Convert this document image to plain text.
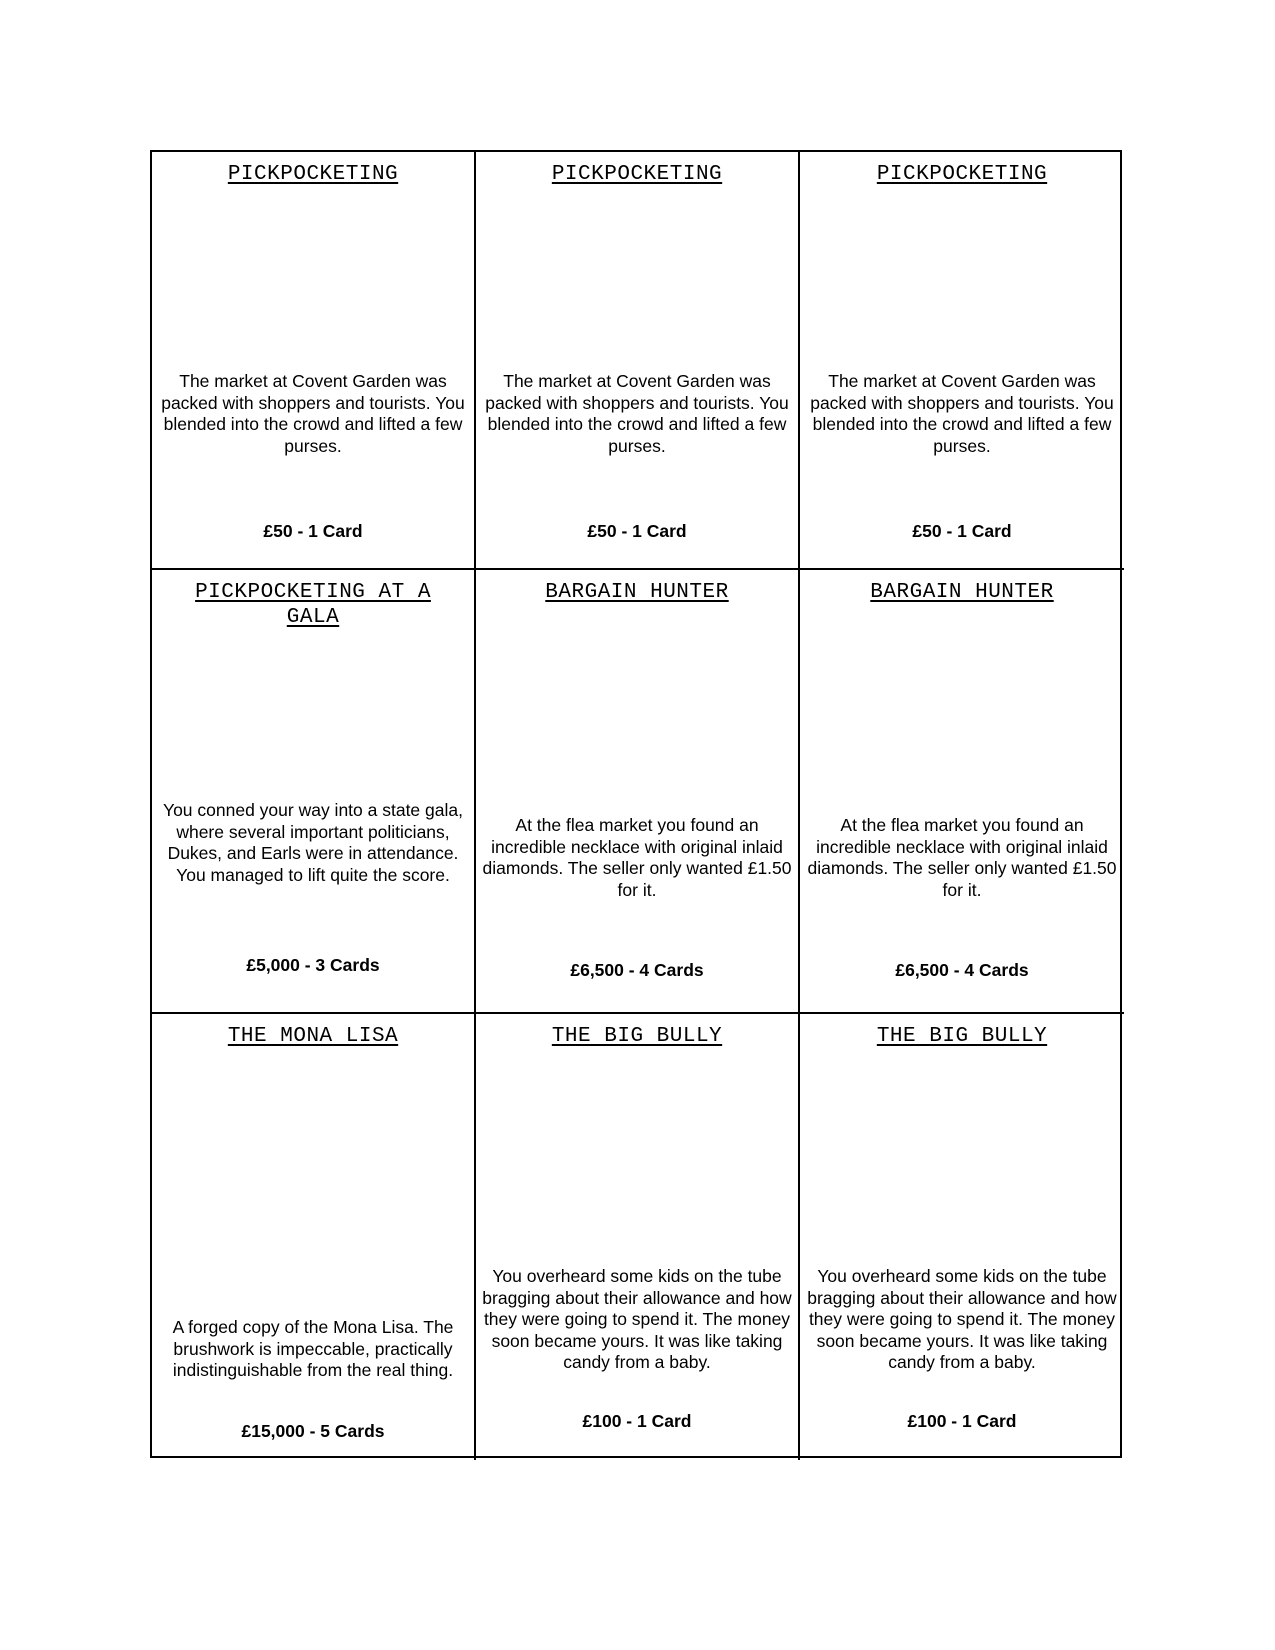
PICKPOCKETING

The market at Covent Garden was packed with shoppers and tourists. You blended into the crowd and lifted a few purses.

£50 - 1 Card

PICKPOCKETING

The market at Covent Garden was packed with shoppers and tourists. You blended into the crowd and lifted a few purses.

£50 - 1 Card

PICKPOCKETING

The market at Covent Garden was packed with shoppers and tourists. You blended into the crowd and lifted a few purses.

£50 - 1 Card

PICKPOCKETING AT A GALA

You conned your way into a state gala, where several important politicians, Dukes, and Earls were in attendance. You managed to lift quite the score.

£5,000 - 3 Cards

BARGAIN HUNTER

At the flea market you found an incredible necklace with original inlaid diamonds. The seller only wanted £1.50 for it.

£6,500 - 4 Cards

BARGAIN HUNTER

At the flea market you found an incredible necklace with original inlaid diamonds. The seller only wanted £1.50 for it.

£6,500 - 4 Cards

THE MONA LISA

A forged copy of the Mona Lisa. The brushwork is impeccable, practically indistinguishable from the real thing.

£15,000 - 5 Cards

THE BIG BULLY

You overheard some kids on the tube bragging about their allowance and how they were going to spend it. The money soon became yours. It was like taking candy from a baby.

£100 - 1 Card

THE BIG BULLY

You overheard some kids on the tube bragging about their allowance and how they were going to spend it. The money soon became yours. It was like taking candy from a baby.

£100 - 1 Card
